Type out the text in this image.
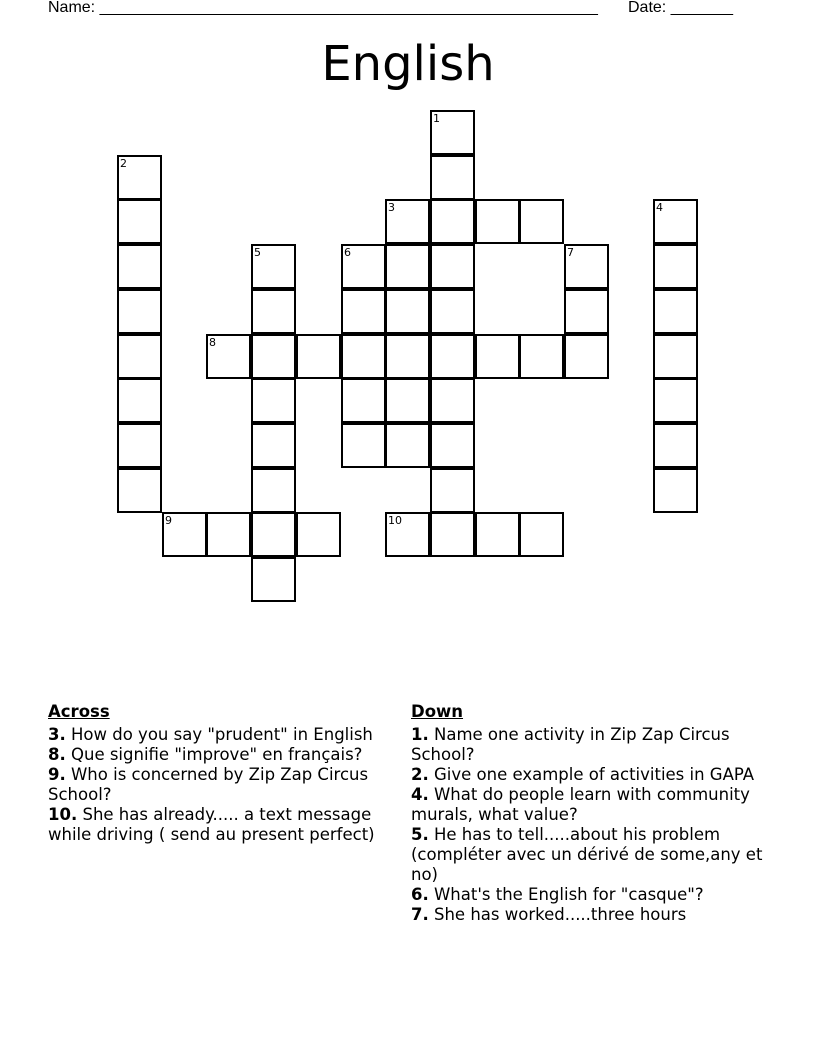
Name: ________________________________________________________ Date: _______
English
1
2
3	4
5	6	7
8
9	10
Across
3. How do you say "prudent" in English
8. Que signifie "improve" en français?
9. Who is concerned by Zip Zap Circus School?
10. She has already..... a text message while driving ( send au present perfect)
Down
1. Name one activity in Zip Zap Circus School?
2. Give one example of activities in GAPA
4. What do people learn with community murals, what value?
5. He has to tell.....about his problem (compléter avec un dérivé de some,any et no)
6. What's the English for "casque"?
7. She has worked.....three hours
